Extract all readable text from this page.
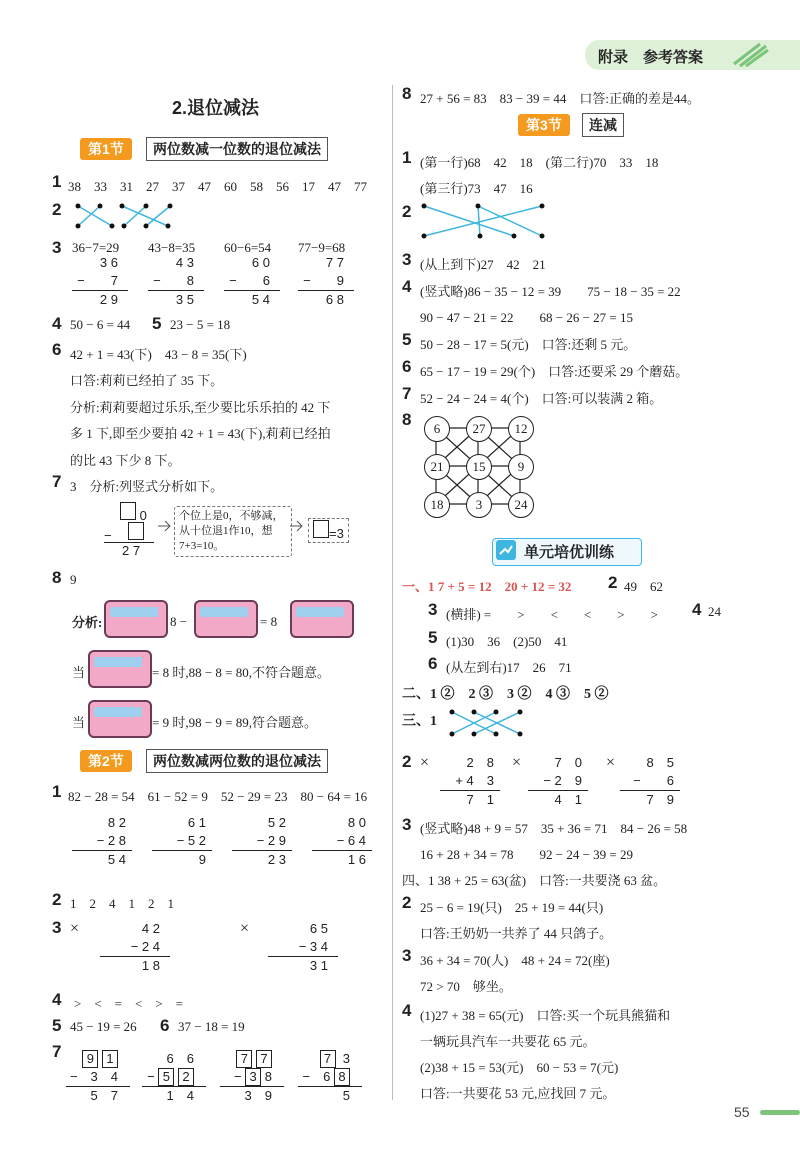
附录　参考答案
2.退位减法
第1节	两位数减一位数的退位减法
1 38　33　31　27　37　47　60　58　56　17　47　77
2
3 36−7=29 43−8=35 60−6=54 77−9=68
3 6
−　　7
2 9
4 3
−　　8
3 5
6 0
−　　6
5 4
7 7
−　　9
6 8
4 50 − 6 = 44 5 23 − 5 = 18
6 42 + 1 = 43(下)　43 − 8 = 35(下)
口答:莉莉已经拍了 35 下。
分析:莉莉要超过乐乐,至少要比乐乐拍的 42 下
多 1 下,即至少要拍 42 + 1 = 43(下),莉莉已经拍
的比 43 下少 8 下。
7 3　分析:列竖式分析如下。
0
−　
2 7
个位上是0，不够减，从十位退1作10，想7+3=10。
=3
8 9
分析:	8 −	= 8
当	= 8 时,88 − 8 = 80,不符合题意。
当	= 9 时,98 − 9 = 89,符合题意。
第2节	两位数减两位数的退位减法
1 82 − 28 = 54　61 − 52 = 9　52 − 29 = 23　80 − 64 = 16
8 2
− 2 8
5 4
6 1
− 5 2
　9
5 2
− 2 9
2 3
8 0
− 6 4
1 6
2 1　2　4　1　2　1
3 ×	4 2
− 2 4
1 8
×	6 5
− 3 4
3 1
4 >　<　=　<　>　=
5 45 − 19 = 26 6 37 − 18 = 19
7	9 1
−　3　4
5　7
6　6
− 5 2
1　4
7 7
− 3 8
3　9
7  3
−　6 8
　5
8 27 + 56 = 83　83 − 39 = 44　口答:正确的差是44。
第3节	连减
1 (第一行)68　42　18　(第二行)70　33　18
(第三行)73　47　16
2
3 (从上到下)27　42　21
4 (竖式略)86 − 35 − 12 = 39　　75 − 18 − 35 = 22
90 − 47 − 21 = 22　　68 − 26 − 27 = 15
5 50 − 28 − 17 = 5(元)　口答:还剩 5 元。
6 65 − 17 − 19 = 29(个)　口答:还要采 29 个蘑菇。
7 52 − 24 − 24 = 4(个)　口答:可以装满 2 箱。
8	6	27	12
21	15	9
18	3	24
单元培优训练
一、1 7 + 5 = 12　20 + 12 = 32 2 49　62
3 (横排) =　　>　　<　　<　　>　　> 4 24
5 (1)30　36　(2)50　41
6 (从左到右)17　26　71
二、1 ②　2 ③　3 ②　4 ③　5 ②
三、1
2 ×	2　8
+ 4　3
7　1
×	7　0
− 2　9
4　1
×	8　5
−　　6
7　9
3 (竖式略)48 + 9 = 57　35 + 36 = 71　84 − 26 = 58
16 + 28 + 34 = 78　　92 − 24 − 39 = 29
四、1 38 + 25 = 63(盆)　口答:一共要浇 63 盆。
2 25 − 6 = 19(只)　25 + 19 = 44(只)
口答:王奶奶一共养了 44 只鸽子。
3 36 + 34 = 70(人)　48 + 24 = 72(座)
72 > 70　够坐。
4 (1)27 + 38 = 65(元)　口答:买一个玩具熊猫和
一辆玩具汽车一共要花 65 元。
(2)38 + 15 = 53(元)　60 − 53 = 7(元)
口答:一共要花 53 元,应找回 7 元。
55
